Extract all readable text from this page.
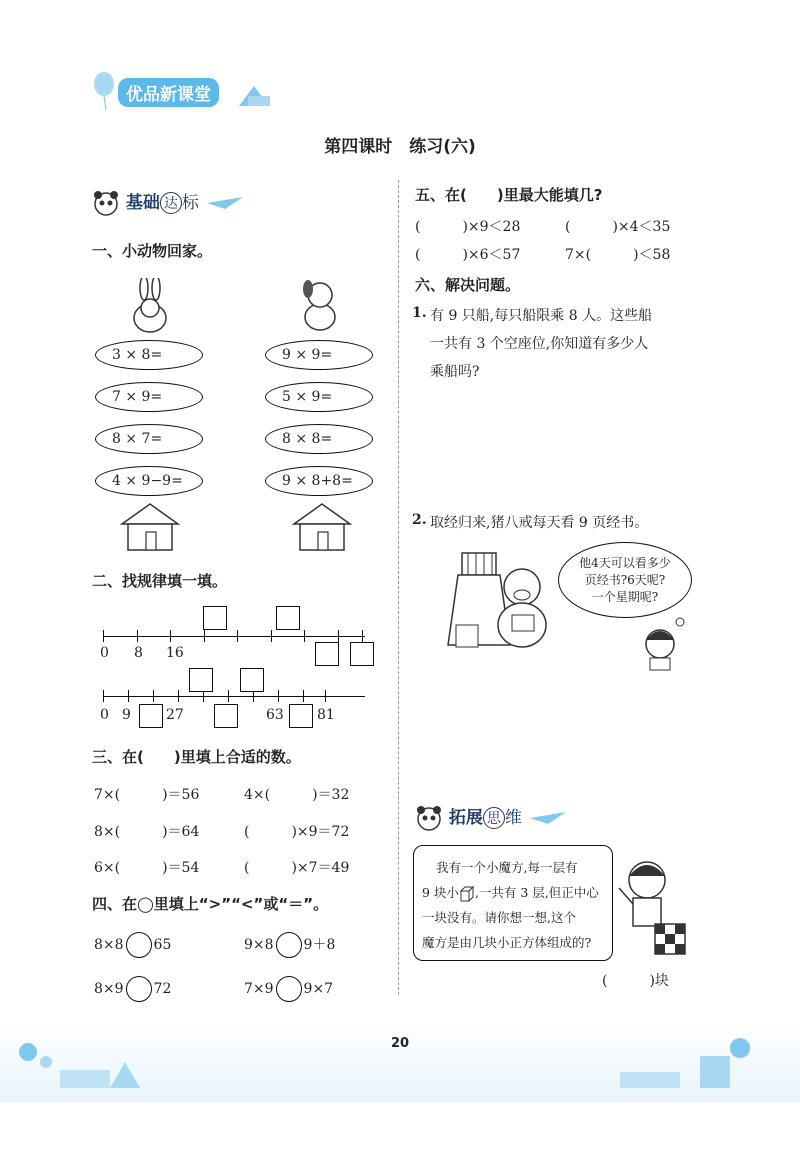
优品新课堂
第四课时　练习(六)
基础 达 标
一、小动物回家。
3 × 8=
7 × 9=
8 × 7=
4 × 9−9=
9 × 9=
5 × 9=
8 × 8=
9 × 8+8=
二、找规律填一填。
0 8 16
0 9	27	63 81
三、在(　　)里填上合适的数。
7×(　　　)＝56	4×(　　　)＝32
8×(　　　)＝64	(　　　)×9＝72
6×(　　　)＝54	(　　　)×7＝49
四、在◯里填上“>”“<”或“＝”。
8×8 65	9×8 9＋8
8×9 72	7×9 9×7
五、在(　　)里最大能填几?
(　　　)×9＜28	(　　　)×4＜35
(　　　)×6＜57	7×(　　　)＜58
六、解决问题。
1. 有 9 只船,每只船限乘 8 人。这些船
一共有 3 个空座位,你知道有多少人
乘船吗?
2. 取经归来,猪八戒每天看 9 页经书。
他4天可以看多少
页经书?6天呢?
一个星期呢?
拓展 思 维
我有一个小魔方,每一层有
9 块小 ,一共有 3 层,但正中心
一块没有。请你想一想,这个
魔方是由几块小正方体组成的?
(　　　)块
20
